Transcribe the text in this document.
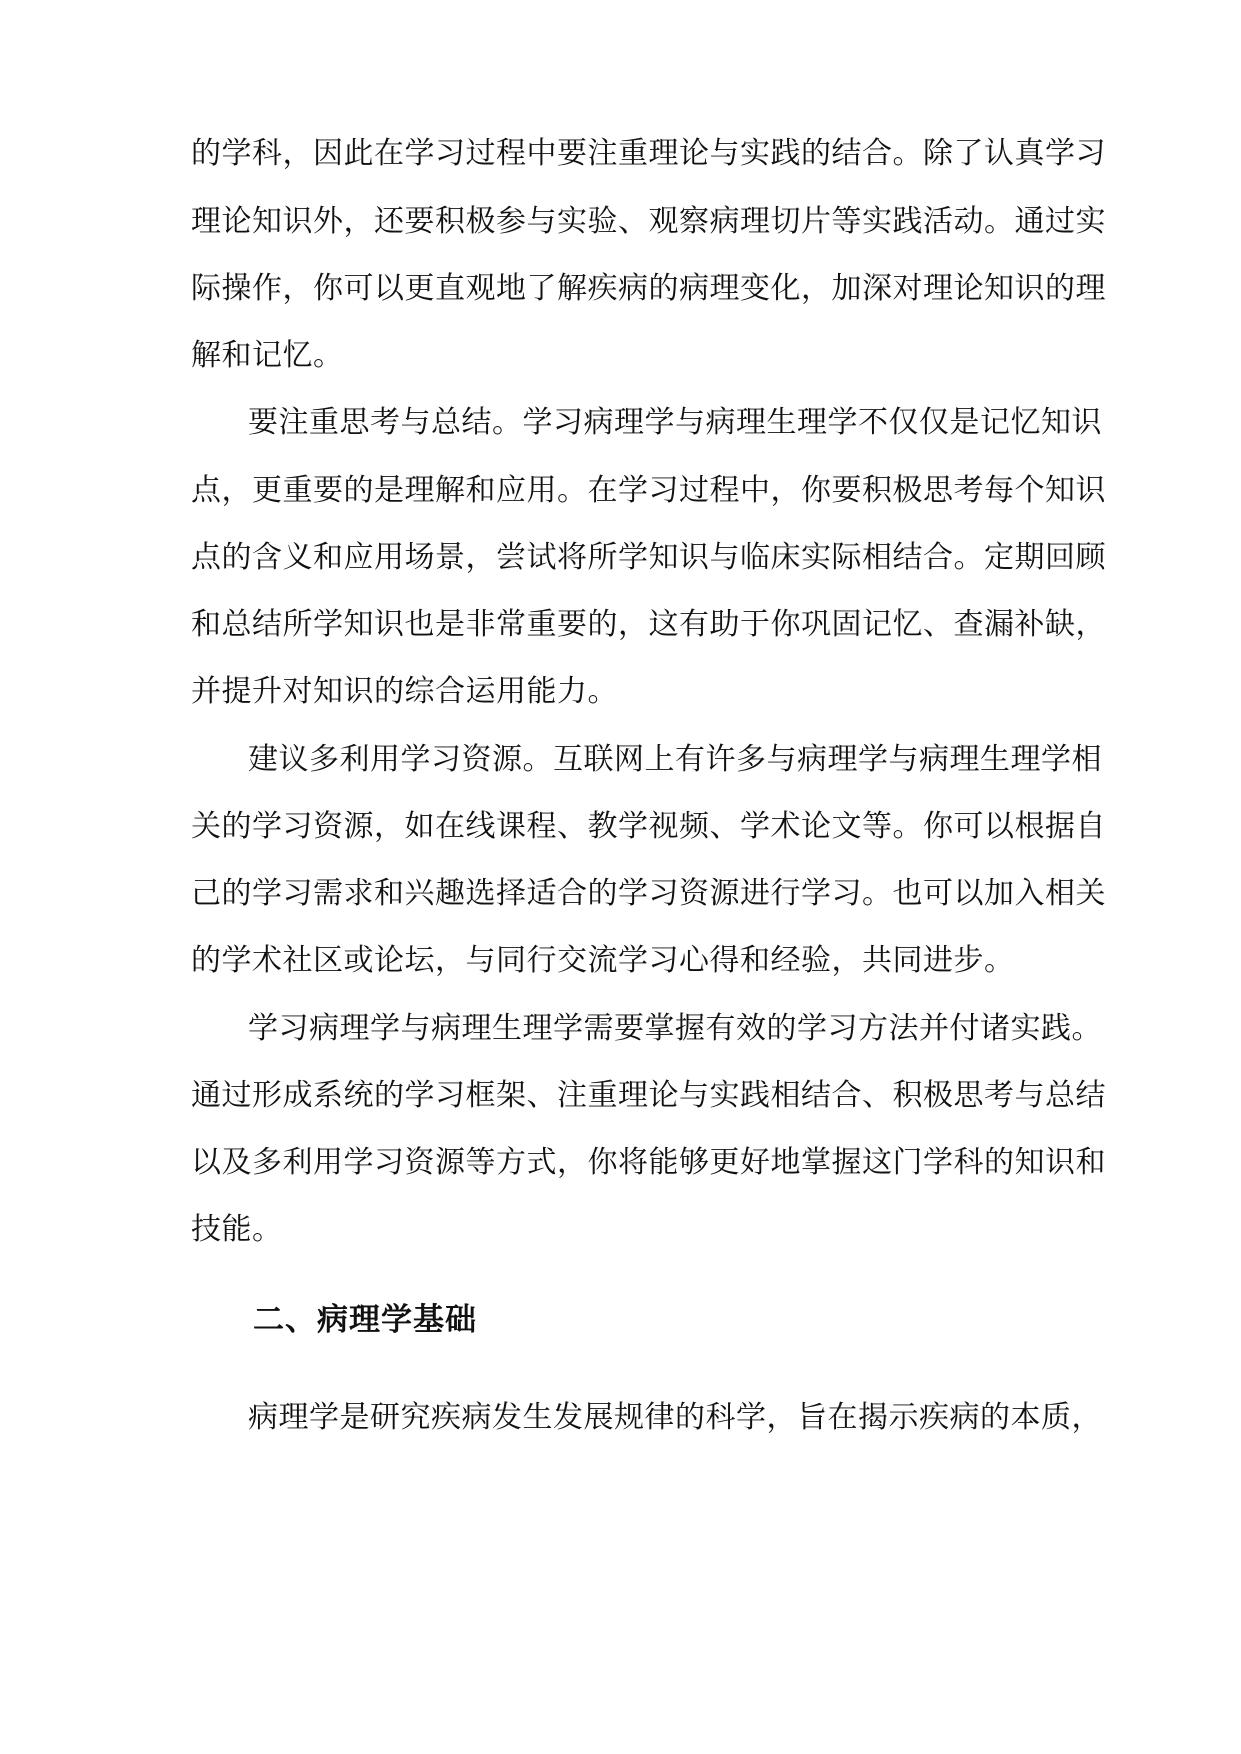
的学科，因此在学习过程中要注重理论与实践的结合。除了认真学习
理论知识外，还要积极参与实验、观察病理切片等实践活动。通过实
际操作，你可以更直观地了解疾病的病理变化，加深对理论知识的理
解和记忆。
要注重思考与总结。学习病理学与病理生理学不仅仅是记忆知识
点，更重要的是理解和应用。在学习过程中，你要积极思考每个知识
点的含义和应用场景，尝试将所学知识与临床实际相结合。定期回顾
和总结所学知识也是非常重要的，这有助于你巩固记忆、查漏补缺，
并提升对知识的综合运用能力。
建议多利用学习资源。互联网上有许多与病理学与病理生理学相
关的学习资源，如在线课程、教学视频、学术论文等。你可以根据自
己的学习需求和兴趣选择适合的学习资源进行学习。也可以加入相关
的学术社区或论坛，与同行交流学习心得和经验，共同进步。
学习病理学与病理生理学需要掌握有效的学习方法并付诸实践。
通过形成系统的学习框架、注重理论与实践相结合、积极思考与总结
以及多利用学习资源等方式，你将能够更好地掌握这门学科的知识和
技能。
二、病理学基础
病理学是研究疾病发生发展规律的科学，旨在揭示疾病的本质，
